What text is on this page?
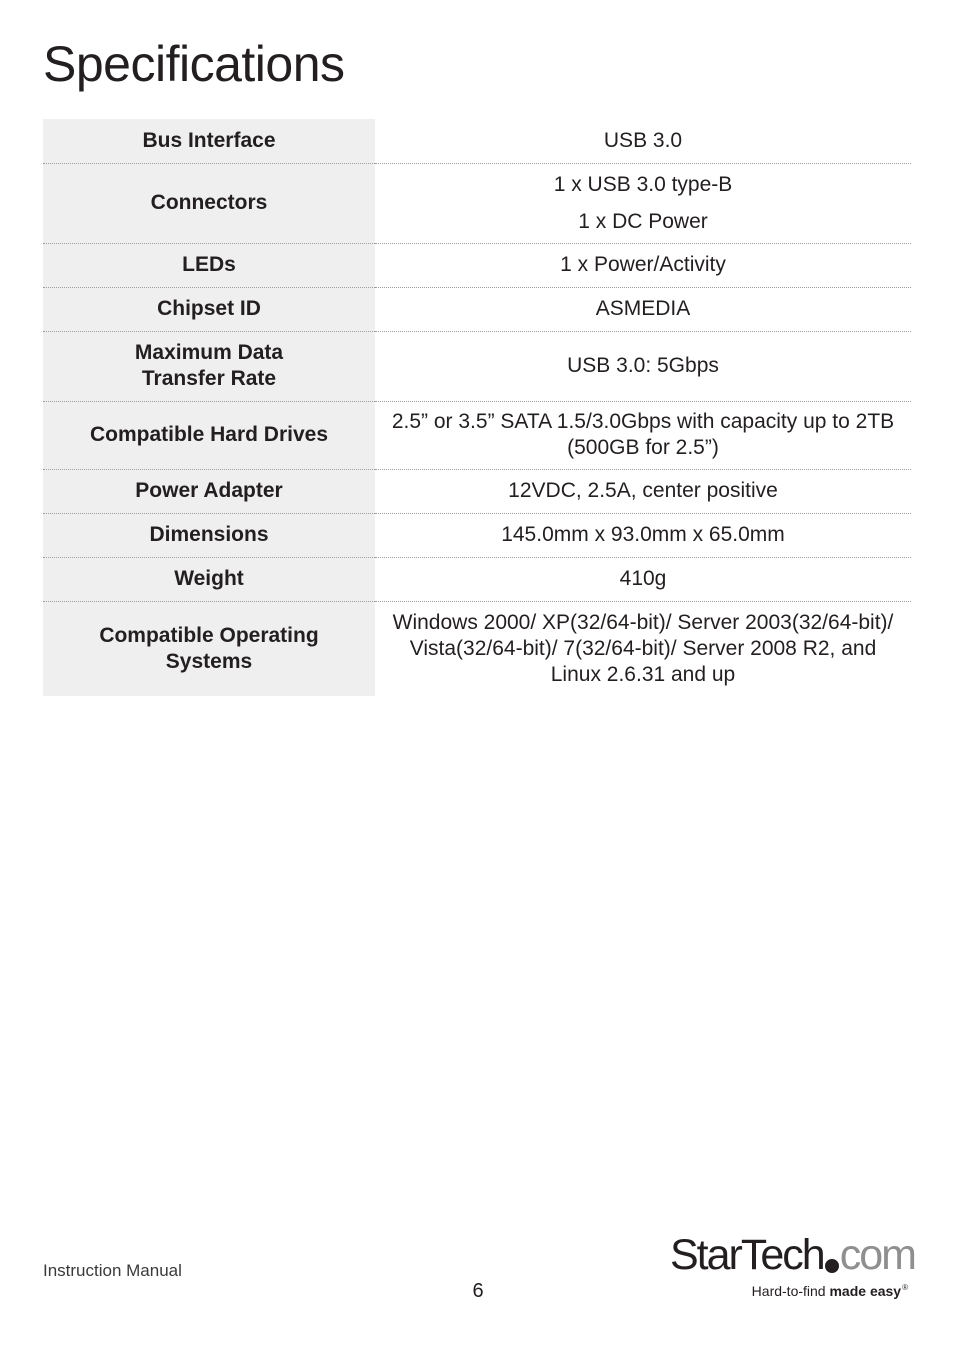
Specifications
Bus Interface	USB 3.0

Connectors	1 x USB 3.0 type-B
1 x DC Power

LEDs	1 x Power/Activity

Chipset ID	ASMEDIA

Maximum Data Transfer Rate	USB 3.0: 5Gbps

Compatible Hard Drives	2.5” or 3.5” SATA 1.5/3.0Gbps with capacity up to 2TB (500GB for 2.5”)

Power Adapter	12VDC, 2.5A, center positive

Dimensions	145.0mm x 93.0mm x 65.0mm

Weight	410g

Compatible Operating Systems	Windows 2000/ XP(32/64-bit)/ Server 2003(32/64-bit)/ Vista(32/64-bit)/ 7(32/64-bit)/ Server 2008 R2, and Linux 2.6.31 and up
Instruction Manual
6
StarTech com
Hard-to-find made easy®
